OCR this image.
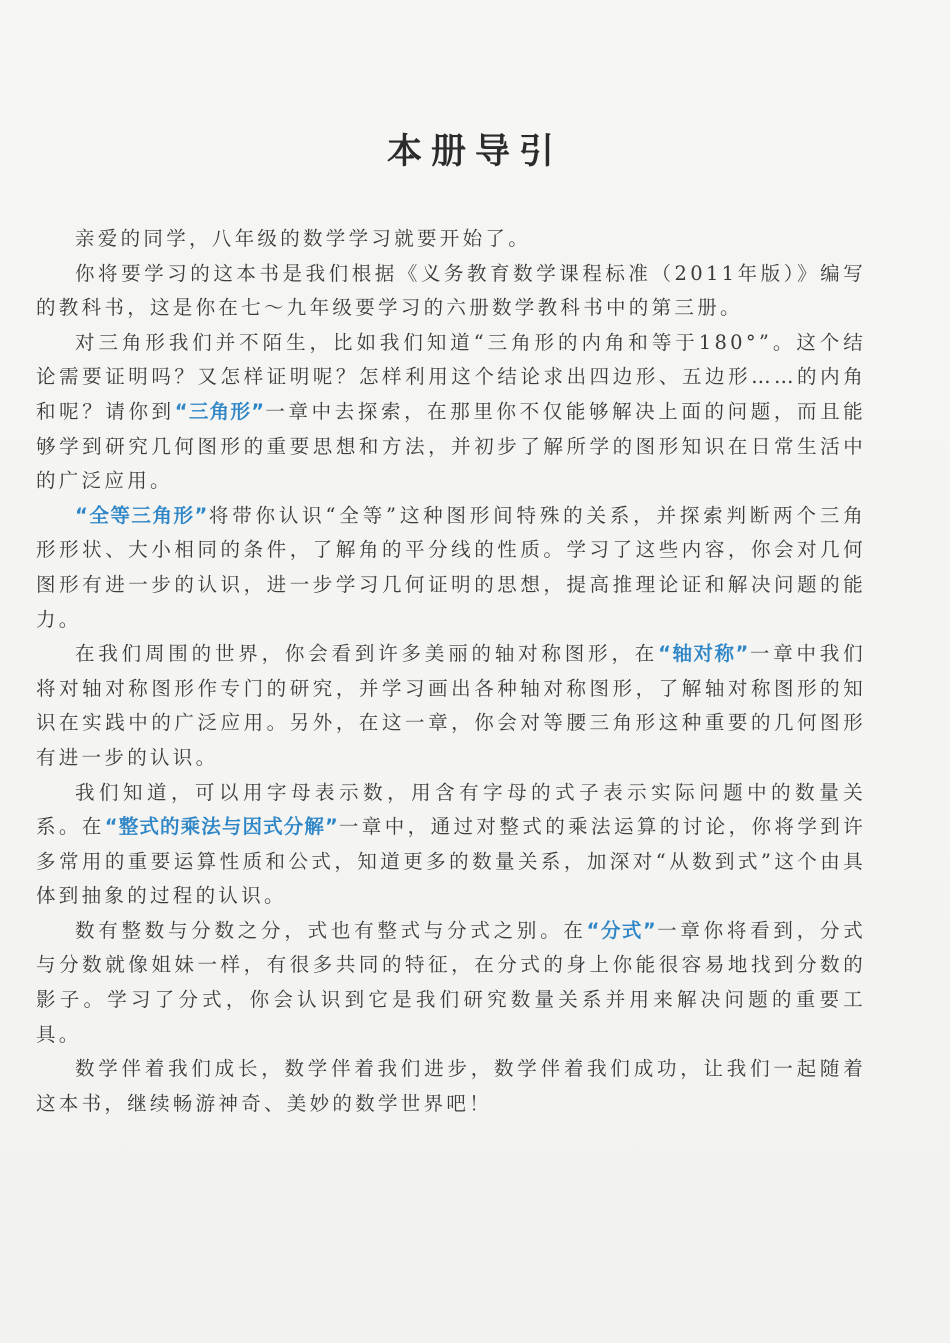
本册导引

亲爱的同学，八年级的数学学习就要开始了。

你将要学习的这本书是我们根据《义务教育数学课程标准（2011年版）》编写的教科书，这是你在七～九年级要学习的六册数学教科书中的第三册。

对三角形我们并不陌生，比如我们知道“三角形的内角和等于180°”。这个结论需要证明吗？又怎样证明呢？怎样利用这个结论求出四边形、五边形……的内角和呢？请你到“三角形”一章中去探索，在那里你不仅能够解决上面的问题，而且能够学到研究几何图形的重要思想和方法，并初步了解所学的图形知识在日常生活中的广泛应用。

“全等三角形”将带你认识“全等”这种图形间特殊的关系，并探索判断两个三角形形状、大小相同的条件，了解角的平分线的性质。学习了这些内容，你会对几何图形有进一步的认识，进一步学习几何证明的思想，提高推理论证和解决问题的能力。

在我们周围的世界，你会看到许多美丽的轴对称图形，在“轴对称”一章中我们将对轴对称图形作专门的研究，并学习画出各种轴对称图形，了解轴对称图形的知识在实践中的广泛应用。另外，在这一章，你会对等腰三角形这种重要的几何图形有进一步的认识。

我们知道，可以用字母表示数，用含有字母的式子表示实际问题中的数量关系。在“整式的乘法与因式分解”一章中，通过对整式的乘法运算的讨论，你将学到许多常用的重要运算性质和公式，知道更多的数量关系，加深对“从数到式”这个由具体到抽象的过程的认识。

数有整数与分数之分，式也有整式与分式之别。在“分式”一章你将看到，分式与分数就像姐妹一样，有很多共同的特征，在分式的身上你能很容易地找到分数的影子。学习了分式，你会认识到它是我们研究数量关系并用来解决问题的重要工具。

数学伴着我们成长，数学伴着我们进步，数学伴着我们成功，让我们一起随着这本书，继续畅游神奇、美妙的数学世界吧！
